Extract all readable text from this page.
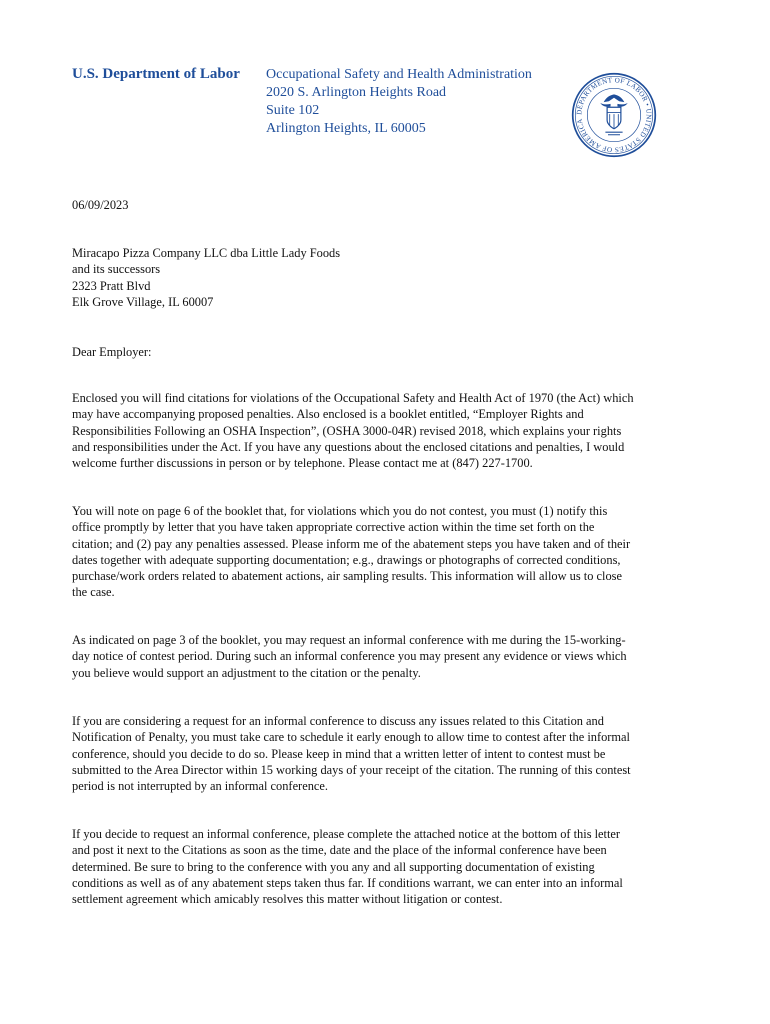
U.S. Department of Labor Occupational Safety and Health Administration
2020 S. Arlington Heights Road
Suite 102
Arlington Heights, IL 60005
DEPARTMENT OF LABOR • UNITED STATES OF AMERICA
06/09/2023
Miracapo Pizza Company LLC dba Little Lady Foods
and its successors
2323 Pratt Blvd
Elk Grove Village, IL 60007
Dear Employer:
Enclosed you will find citations for violations of the Occupational Safety and Health Act of 1970 (the Act) which
may have accompanying proposed penalties. Also enclosed is a booklet entitled, “Employer Rights and
Responsibilities Following an OSHA Inspection”, (OSHA 3000-04R) revised 2018, which explains your rights
and responsibilities under the Act. If you have any questions about the enclosed citations and penalties, I would
welcome further discussions in person or by telephone. Please contact me at (847) 227-1700.
You will note on page 6 of the booklet that, for violations which you do not contest, you must (1) notify this
office promptly by letter that you have taken appropriate corrective action within the time set forth on the
citation; and (2) pay any penalties assessed. Please inform me of the abatement steps you have taken and of their
dates together with adequate supporting documentation; e.g., drawings or photographs of corrected conditions,
purchase/work orders related to abatement actions, air sampling results. This information will allow us to close
the case.
As indicated on page 3 of the booklet, you may request an informal conference with me during the 15-working-
day notice of contest period. During such an informal conference you may present any evidence or views which
you believe would support an adjustment to the citation or the penalty.
If you are considering a request for an informal conference to discuss any issues related to this Citation and
Notification of Penalty, you must take care to schedule it early enough to allow time to contest after the informal
conference, should you decide to do so. Please keep in mind that a written letter of intent to contest must be
submitted to the Area Director within 15 working days of your receipt of the citation. The running of this contest
period is not interrupted by an informal conference.
If you decide to request an informal conference, please complete the attached notice at the bottom of this letter
and post it next to the Citations as soon as the time, date and the place of the informal conference have been
determined. Be sure to bring to the conference with you any and all supporting documentation of existing
conditions as well as of any abatement steps taken thus far. If conditions warrant, we can enter into an informal
settlement agreement which amicably resolves this matter without litigation or contest.
